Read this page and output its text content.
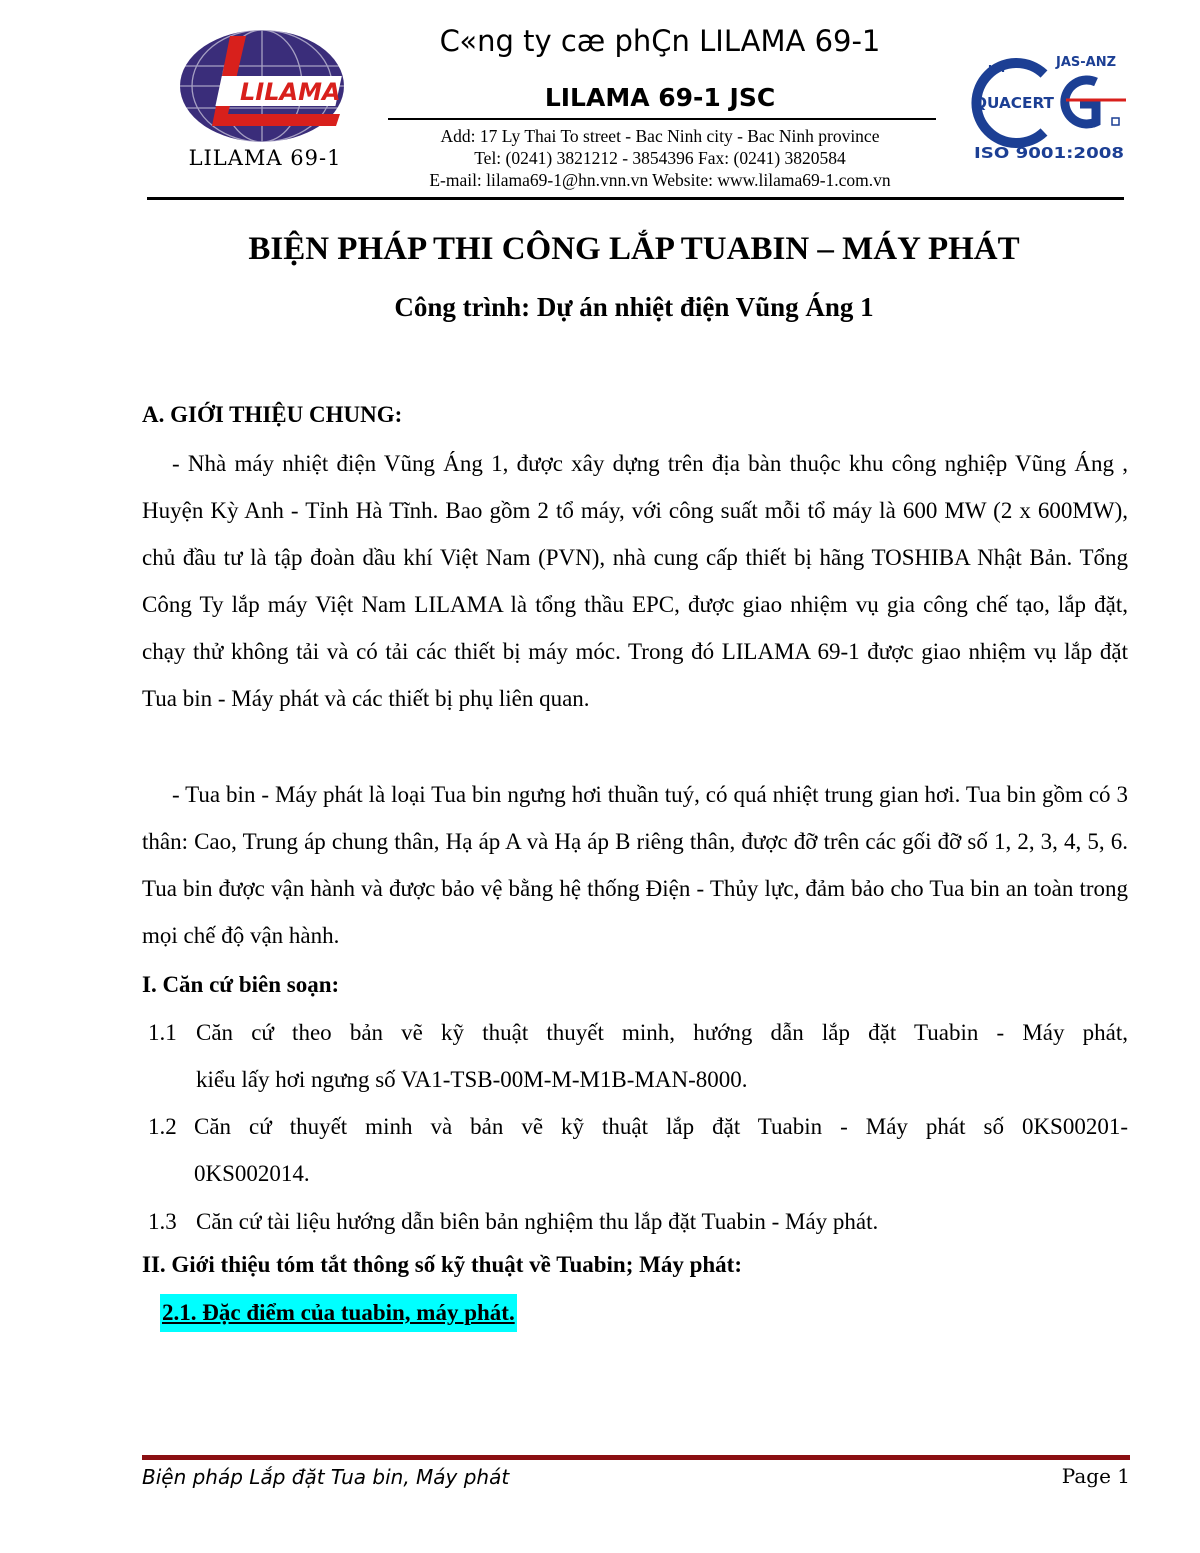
LILAMA
LILAMA 69-1
C«ng ty cæ phÇn LILAMA 69-1
LILAMA 69-1 JSC
Add: 17 Ly Thai To street - Bac Ninh city - Bac Ninh province
Tel: (0241) 3821212 - 3854396 Fax: (0241) 3820584
E-mail: lilama69-1@hn.vnn.vn Website: www.lilama69-1.com.vn
JAS-ANZ
un
QUACERT
ISO 9001:2008
BIỆN PHÁP THI CÔNG LẮP TUABIN – MÁY PHÁT
Công trình: Dự án nhiệt điện Vũng Áng 1
A. GIỚI THIỆU CHUNG:
- Nhà máy nhiệt điện Vũng Áng 1, được xây dựng trên địa bàn thuộc khu công nghiệp Vũng Áng , Huyện Kỳ Anh - Tỉnh Hà Tĩnh. Bao gồm 2 tổ máy, với công suất mỗi tổ máy là 600 MW (2 x 600MW), chủ đầu tư là tập đoàn dầu khí Việt Nam (PVN), nhà cung cấp thiết bị hãng TOSHIBA Nhật Bản. Tổng Công Ty lắp máy Việt Nam LILAMA là tổng thầu EPC, được giao nhiệm vụ gia công chế tạo, lắp đặt, chạy thử không tải và có tải các thiết bị máy móc. Trong đó LILAMA 69-1 được giao nhiệm vụ lắp đặt Tua bin - Máy phát và các thiết bị phụ liên quan.
- Tua bin - Máy phát là loại Tua bin ngưng hơi thuần tuý, có quá nhiệt trung gian hơi. Tua bin gồm có 3 thân: Cao, Trung áp chung thân, Hạ áp A và Hạ áp B riêng thân, được đỡ trên các gối đỡ số 1, 2, 3, 4, 5, 6. Tua bin được vận hành và được bảo vệ bằng hệ thống Điện - Thủy lực, đảm bảo cho Tua bin an toàn trong mọi chế độ vận hành.
I. Căn cứ biên soạn:
1.1 Căn cứ theo bản vẽ kỹ thuật thuyết minh, hướng dẫn lắp đặt Tuabin - Máy phát,
kiểu lấy hơi ngưng số VA1-TSB-00M-M-M1B-MAN-8000.
1.2 Căn cứ thuyết minh và bản vẽ kỹ thuật lắp đặt Tuabin - Máy phát số 0KS00201-
0KS002014.
1.3 Căn cứ tài liệu hướng dẫn biên bản nghiệm thu lắp đặt Tuabin - Máy phát.
II. Giới thiệu tóm tắt thông số kỹ thuật về Tuabin; Máy phát:
2.1. Đặc điểm của tuabin, máy phát.
Biện pháp Lắp đặt Tua bin, Máy phát	Page 1
